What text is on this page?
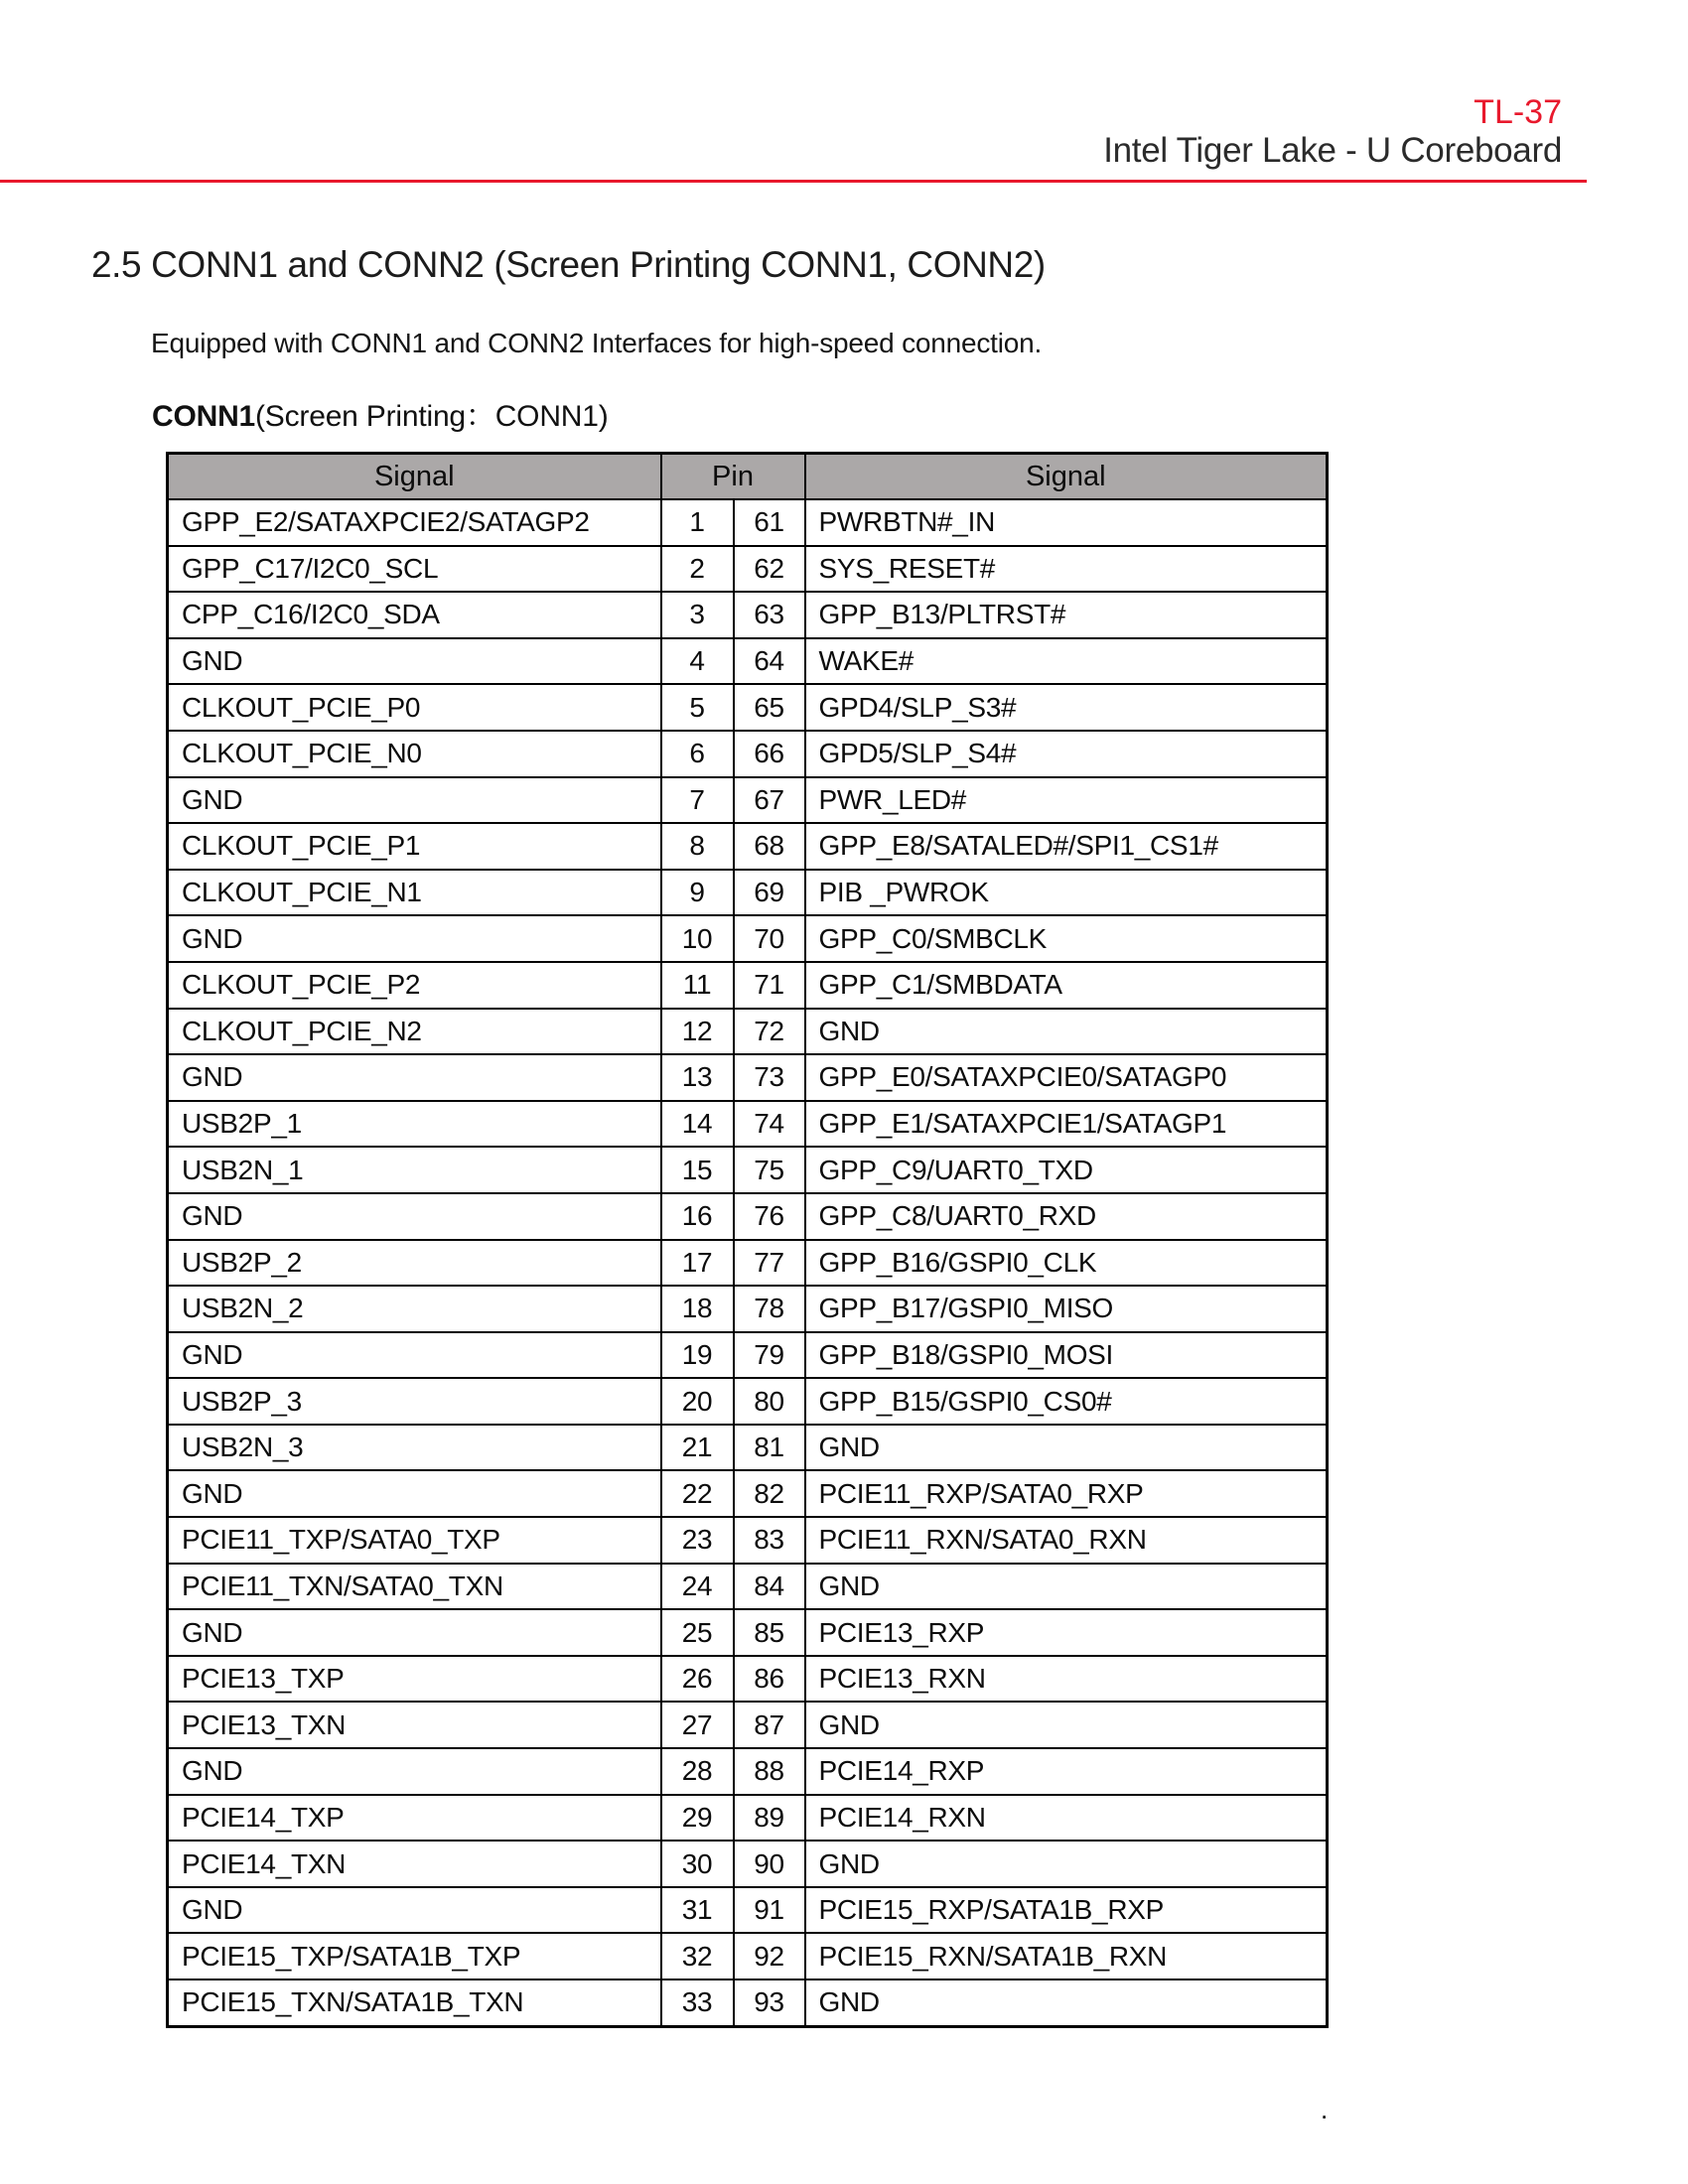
TL-37
Intel Tiger Lake - U Coreboard
2.5 CONN1 and CONN2 (Screen Printing CONN1, CONN2)

Equipped with CONN1 and CONN2 Interfaces for high-speed connection.

CONN1(Screen Printing：CONN1)

Signal	Pin		Signal
GPP_E2/SATAXPCIE2/SATAGP2	1	61	PWRBTN#_IN
GPP_C17/I2C0_SCL	2	62	SYS_RESET#
CPP_C16/I2C0_SDA	3	63	GPP_B13/PLTRST#
GND	4	64	WAKE#
CLKOUT_PCIE_P0	5	65	GPD4/SLP_S3#
CLKOUT_PCIE_N0	6	66	GPD5/SLP_S4#
GND	7	67	PWR_LED#
CLKOUT_PCIE_P1	8	68	GPP_E8/SATALED#/SPI1_CS1#
CLKOUT_PCIE_N1	9	69	PIB _PWROK
GND	10	70	GPP_C0/SMBCLK
CLKOUT_PCIE_P2	11	71	GPP_C1/SMBDATA
CLKOUT_PCIE_N2	12	72	GND
GND	13	73	GPP_E0/SATAXPCIE0/SATAGP0
USB2P_1	14	74	GPP_E1/SATAXPCIE1/SATAGP1
USB2N_1	15	75	GPP_C9/UART0_TXD
GND	16	76	GPP_C8/UART0_RXD
USB2P_2	17	77	GPP_B16/GSPI0_CLK
USB2N_2	18	78	GPP_B17/GSPI0_MISO
GND	19	79	GPP_B18/GSPI0_MOSI
USB2P_3	20	80	GPP_B15/GSPI0_CS0#
USB2N_3	21	81	GND
GND	22	82	PCIE11_RXP/SATA0_RXP
PCIE11_TXP/SATA0_TXP	23	83	PCIE11_RXN/SATA0_RXN
PCIE11_TXN/SATA0_TXN	24	84	GND
GND	25	85	PCIE13_RXP
PCIE13_TXP	26	86	PCIE13_RXN
PCIE13_TXN	27	87	GND
GND	28	88	PCIE14_RXP
PCIE14_TXP	29	89	PCIE14_RXN
PCIE14_TXN	30	90	GND
GND	31	91	PCIE15_RXP/SATA1B_RXP
PCIE15_TXP/SATA1B_TXP	32	92	PCIE15_RXN/SATA1B_RXN
PCIE15_TXN/SATA1B_TXN	33	93	GND
.
